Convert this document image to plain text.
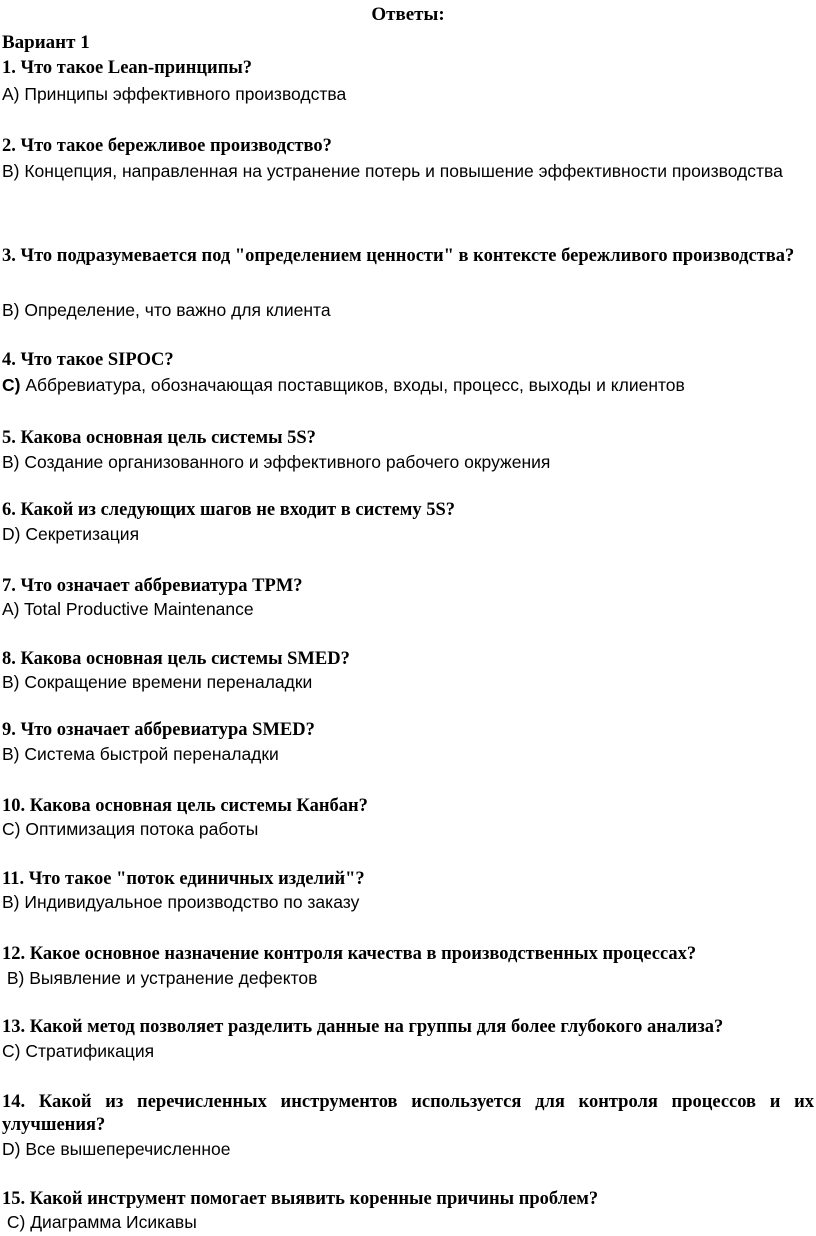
Ответы:
Вариант 1
1. Что такое Lean-принципы?
A) Принципы эффективного производства
2. Что такое бережливое производство?
B) Концепция, направленная на устранение потерь и повышение эффективности производства
3. Что подразумевается под "определением ценности" в контексте бережливого производства?
B) Определение, что важно для клиента
4. Что такое SIPOC?
C) Аббревиатура, обозначающая поставщиков, входы, процесс, выходы и клиентов
5. Какова основная цель системы 5S?
B) Создание организованного и эффективного рабочего окружения
6. Какой из следующих шагов не входит в систему 5S?
D) Секретизация
7. Что означает аббревиатура TPM?
A) Total Productive Maintenance
8. Какова основная цель системы SMED?
B) Сокращение времени переналадки
9. Что означает аббревиатура SMED?
B) Система быстрой переналадки
10. Какова основная цель системы Канбан?
C) Оптимизация потока работы
11. Что такое "поток единичных изделий"?
B) Индивидуальное производство по заказу
12. Какое основное назначение контроля качества в производственных процессах?
B) Выявление и устранение дефектов
13. Какой метод позволяет разделить данные на группы для более глубокого анализа?
C) Стратификация
14. Какой из перечисленных инструментов используется для контроля процессов и их улучшения?
D) Все вышеперечисленное
15. Какой инструмент помогает выявить коренные причины проблем?
C) Диаграмма Исикавы
